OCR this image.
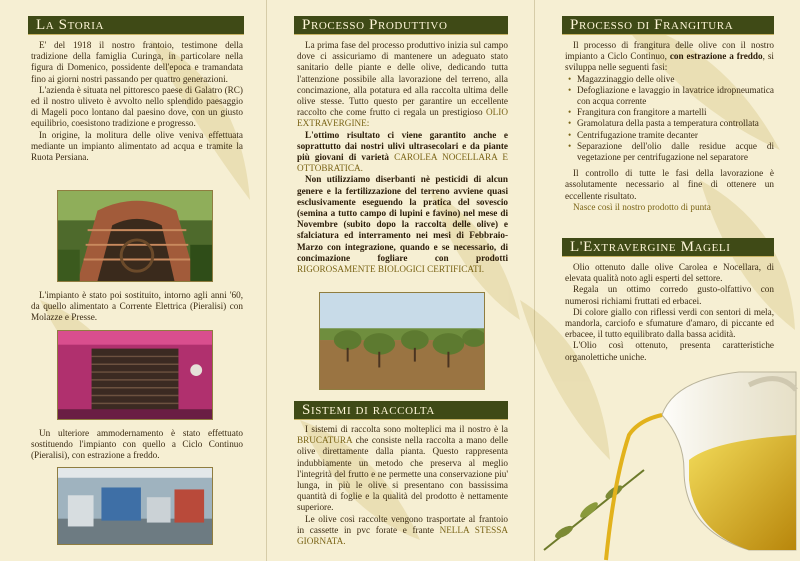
La Storia

E' del 1918 il nostro frantoio, testimone della tradizione della famiglia Curinga, in particolare nella figura di Domenico, possidente dell'epoca e tramandata fino ai giorni nostri passando per quattro generazioni.

L'azienda è situata nel pittoresco paese di Galatro (RC) ed il nostro uliveto è avvolto nello splendido paesaggio di Mageli poco lontano dal paesino dove, con un giusto equilibrio, coesistono tradizione e progresso.

In origine, la molitura delle olive veniva effettuata mediante un impianto alimentato ad acqua e tramite la Ruota Persiana.

L'impianto è stato poi sostituito, intorno agli anni '60, da quello alimentato a Corrente Elettrica (Pieralisi) con Molazze e Presse.

Un ulteriore ammodernamento è stato effettuato sostituendo l'impianto con quello a Ciclo Continuo (Pieralisi), con estrazione a freddo.

Processo Produttivo

La prima fase del processo produttivo inizia sul campo dove ci assicuriamo di mantenere un adeguato stato sanitario delle piante e delle olive, dedicando tutta l'attenzione possibile alla lavorazione del terreno, alla concimazione, alla potatura ed alla raccolta ultima delle olive stesse. Tutto questo per garantire un eccellente raccolto che come frutto ci regala un prestigioso OLIO EXTRAVERGINE:

L'ottimo risultato ci viene garantito anche e soprattutto dai nostri ulivi ultrasecolari e da piante più giovani di varietà CAROLEA NOCELLARA E OTTOBRATICA.

Non utilizziamo diserbanti nè pesticidi di alcun genere e la fertilizzazione del terreno avviene quasi esclusivamente eseguendo la pratica del sovescio (semina a tutto campo di lupini e favino) nel mese di Novembre (subito dopo la raccolta delle olive) e sfalciatura ed interramento nei mesi di Febbraio-Marzo con integrazione, quando e se necessario, di concimazione fogliare con prodotti RIGOROSAMENTE BIOLOGICI CERTIFICATI.

Sistemi di raccolta

I sistemi di raccolta sono molteplici ma il nostro è la BRUCATURA che consiste nella raccolta a mano delle olive direttamente dalla pianta. Questo rappresenta indubbiamente un metodo che preserva al meglio l'integrità del frutto e ne permette una conservazione piu' lunga, in più le olive si presentano con bassissima quantità di foglie e la qualità del prodotto è nettamente superiore.

Le olive così raccolte vengono trasportate al frantoio in cassette in pvc forate e frante NELLA STESSA GIORNATA.

Processo di Frangitura

Il processo di frangitura delle olive con il nostro impianto a Ciclo Continuo, con estrazione a freddo, si sviluppa nelle seguenti fasi:

• Magazzinaggio delle olive
• Defogliazione e lavaggio in lavatrice idropneumatica con acqua corrente
• Frangitura con frangitore a martelli
• Gramolatura della pasta a temperatura controllata
• Centrifugazione tramite decanter
• Separazione dell'olio dalle residue acque di vegetazione per centrifugazione nel separatore

Il controllo di tutte le fasi della lavorazione è assolutamente necessario al fine di ottenere un eccellente risultato.

Nasce così il nostro prodotto di punta

L'Extravergine Mageli

Olio ottenuto dalle olive Carolea e Nocellara, di elevata qualità noto agli esperti del settore.

Regala un ottimo corredo gusto-olfattivo con numerosi richiami fruttati ed erbacei.

Di colore giallo con riflessi verdi con sentori di mela, mandorla, carciofo e sfumature d'amaro, di piccante ed erbacee, il tutto equilibrato dalla bassa acidità.

L'Olio così ottenuto, presenta caratteristiche organolettiche uniche.
